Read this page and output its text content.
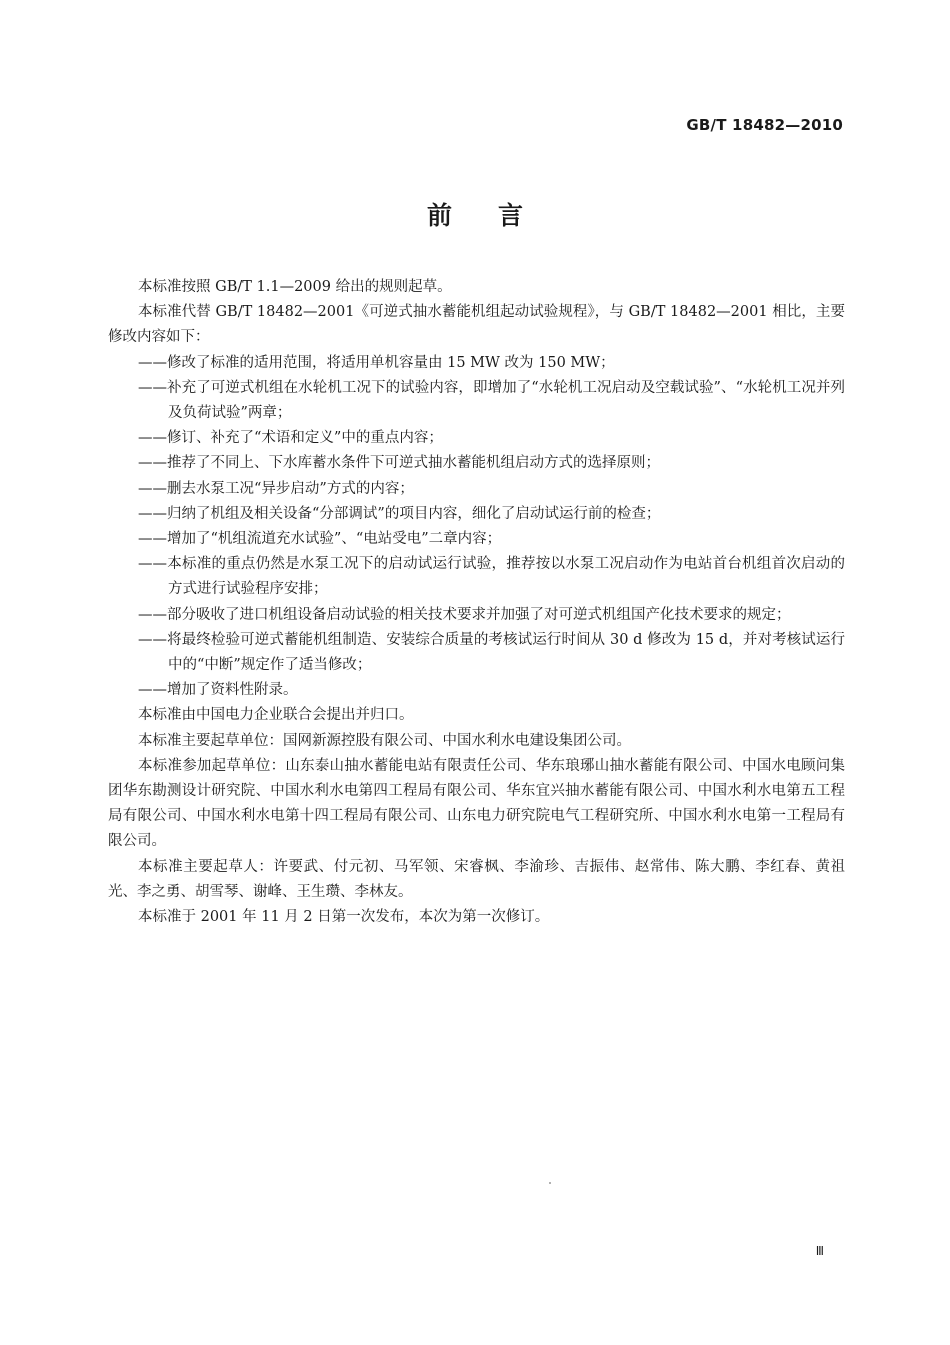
GB/T 18482—2010
前言

本标准按照 GB/T 1.1—2009 给出的规则起草。

本标准代替 GB/T 18482—2001《可逆式抽水蓄能机组起动试验规程》，与 GB/T 18482—2001 相比，主要修改内容如下：

——修改了标准的适用范围，将适用单机容量由 15 MW 改为 150 MW；

——补充了可逆式机组在水轮机工况下的试验内容，即增加了“水轮机工况启动及空载试验”、“水轮机工况并列及负荷试验”两章；

——修订、补充了“术语和定义”中的重点内容；

——推荐了不同上、下水库蓄水条件下可逆式抽水蓄能机组启动方式的选择原则；

——删去水泵工况“异步启动”方式的内容；

——归纳了机组及相关设备“分部调试”的项目内容，细化了启动试运行前的检查；

——增加了“机组流道充水试验”、“电站受电”二章内容；

——本标准的重点仍然是水泵工况下的启动试运行试验，推荐按以水泵工况启动作为电站首台机组首次启动的方式进行试验程序安排；

——部分吸收了进口机组设备启动试验的相关技术要求并加强了对可逆式机组国产化技术要求的规定；

——将最终检验可逆式蓄能机组制造、安装综合质量的考核试运行时间从 30 d 修改为 15 d，并对考核试运行中的“中断”规定作了适当修改；

——增加了资料性附录。

本标准由中国电力企业联合会提出并归口。

本标准主要起草单位：国网新源控股有限公司、中国水利水电建设集团公司。

本标准参加起草单位：山东泰山抽水蓄能电站有限责任公司、华东琅琊山抽水蓄能有限公司、中国水电顾问集团华东勘测设计研究院、中国水利水电第四工程局有限公司、华东宜兴抽水蓄能有限公司、中国水利水电第五工程局有限公司、中国水利水电第十四工程局有限公司、山东电力研究院电气工程研究所、中国水利水电第一工程局有限公司。

本标准主要起草人：许要武、付元初、马军领、宋睿枫、李渝珍、吉振伟、赵常伟、陈大鹏、李红春、黄祖光、李之勇、胡雪琴、谢峰、王生瓒、李林友。

本标准于 2001 年 11 月 2 日第一次发布，本次为第一次修订。

Ⅲ
